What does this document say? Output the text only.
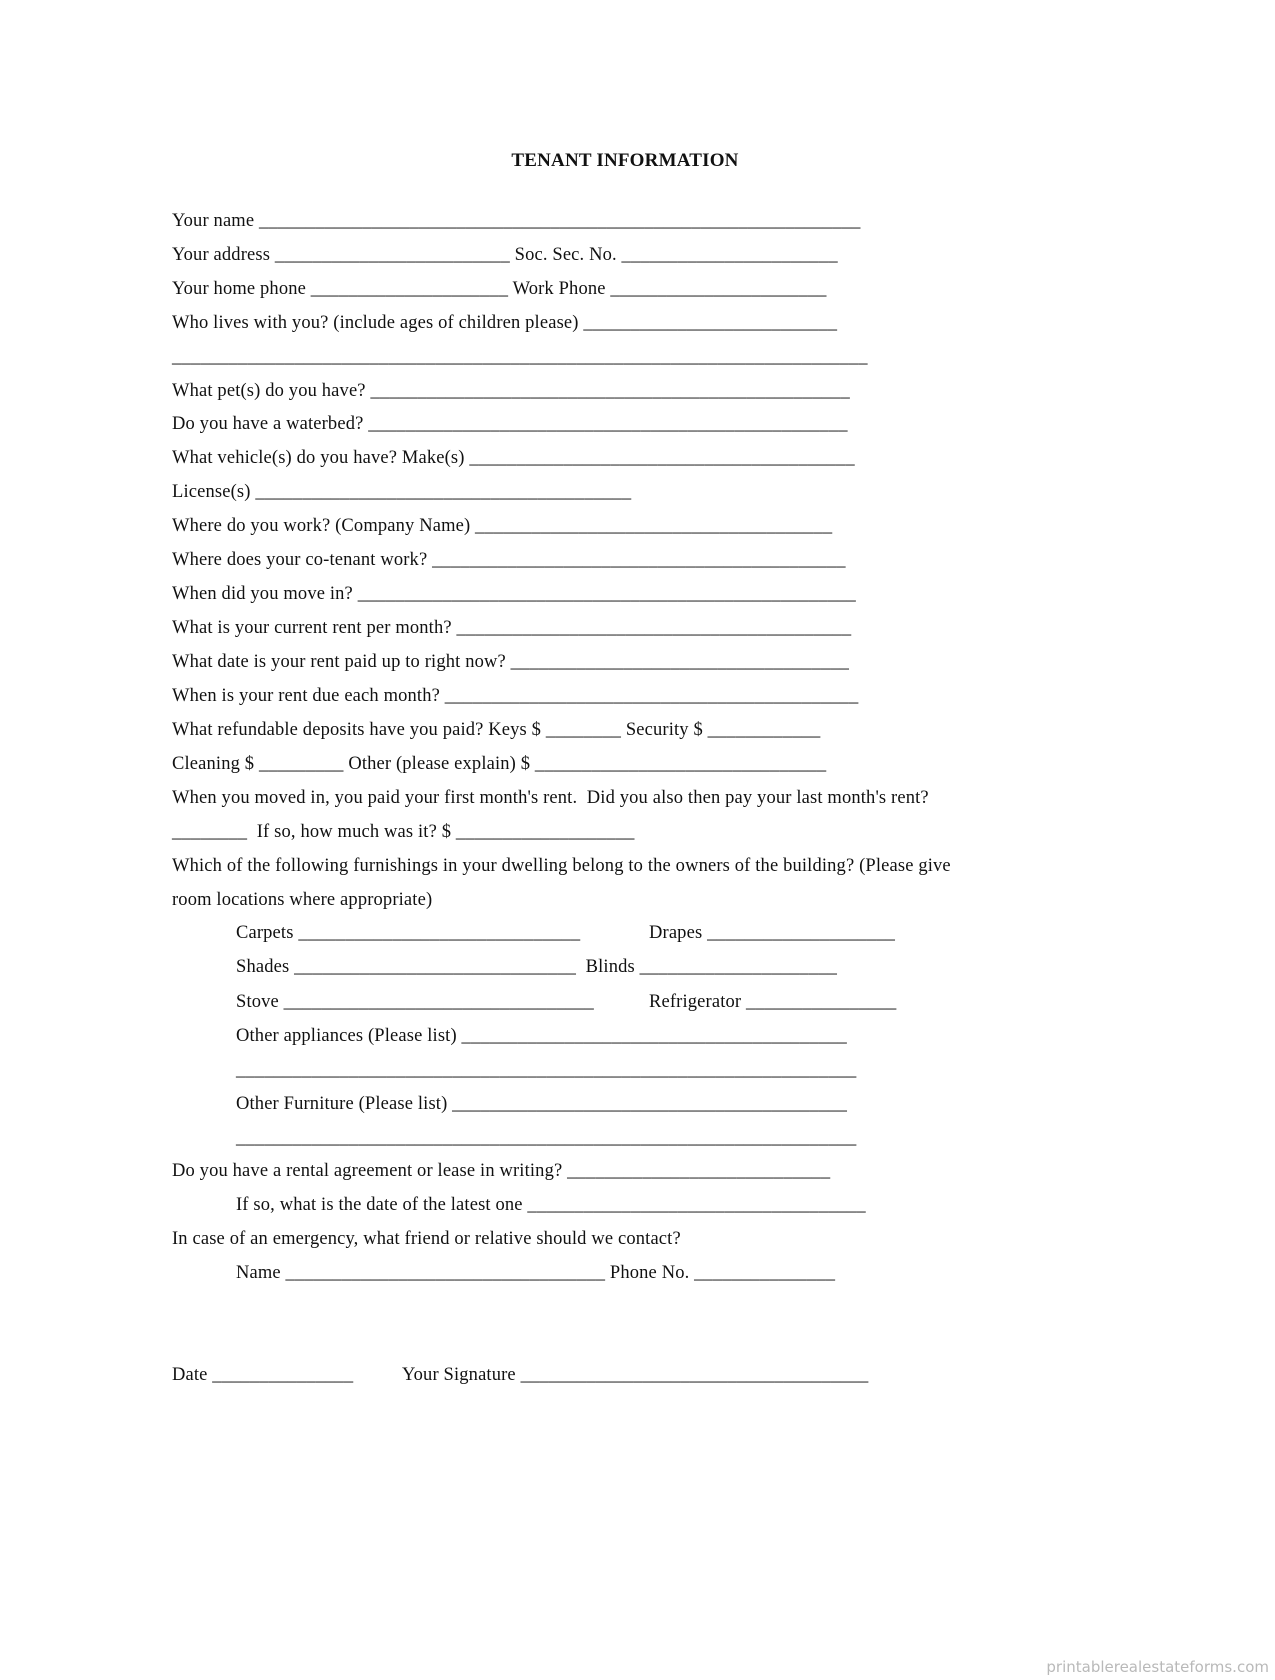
TENANT INFORMATION
Your name ________________________________________________________________
Your address _________________________ Soc. Sec. No. _______________________
Your home phone _____________________ Work Phone _______________________
Who lives with you? (include ages of children please) ___________________________
__________________________________________________________________________
What pet(s) do you have? ___________________________________________________
Do you have a waterbed? ___________________________________________________
What vehicle(s) do you have? Make(s) _________________________________________
License(s) ________________________________________
Where do you work? (Company Name) ______________________________________
Where does your co-tenant work? ____________________________________________
When did you move in? _____________________________________________________
What is your current rent per month? __________________________________________
What date is your rent paid up to right now? ____________________________________
When is your rent due each month? ____________________________________________
What refundable deposits have you paid? Keys $ ________ Security $ ____________
Cleaning $ _________ Other (please explain) $ _______________________________
When you moved in, you paid your first month's rent.  Did you also then pay your last month's rent?
________  If so, how much was it? $ ___________________
Which of the following furnishings in your dwelling belong to the owners of the building? (Please give
room locations where appropriate)
Carpets ______________________________	Drapes ____________________
Shades ______________________________  Blinds _____________________
Stove _________________________________	Refrigerator ________________
Other appliances (Please list) _________________________________________
__________________________________________________________________
Other Furniture (Please list) __________________________________________
__________________________________________________________________
Do you have a rental agreement or lease in writing? ____________________________
If so, what is the date of the latest one ____________________________________
In case of an emergency, what friend or relative should we contact?
Name __________________________________ Phone No. _______________
Date _______________	Your Signature _____________________________________
printablerealestateforms.com
